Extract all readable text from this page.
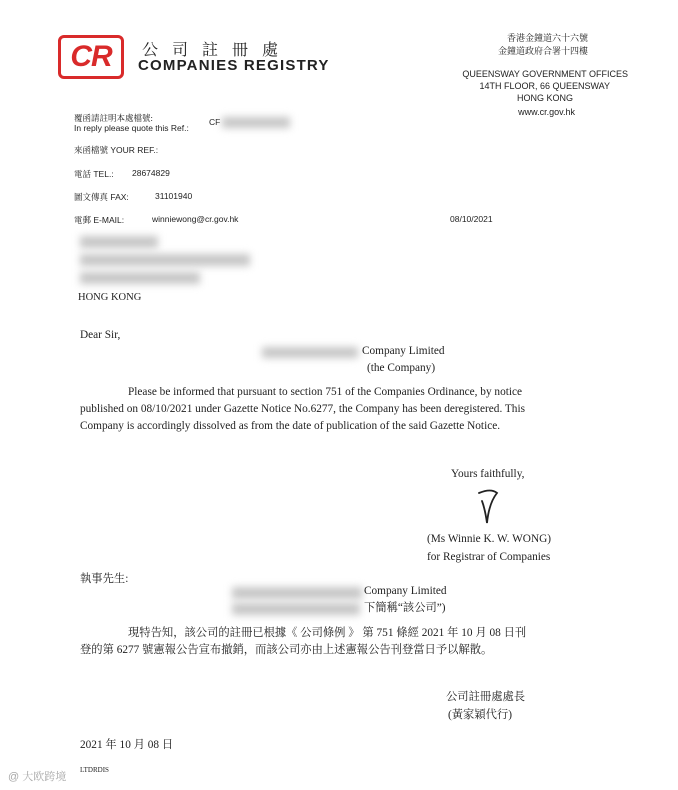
CR 公司註冊處
COMPANIES REGISTRY
香港金鐘道六十六號
金鐘道政府合署十四樓
QUEENSWAY GOVERNMENT OFFICES
14TH FLOOR, 66 QUEENSWAY
HONG KONG
www.cr.gov.hk
覆函請註明本處檔號:
In reply please quote this Ref.:
CF
來函檔號 YOUR REF.:
電話 TEL.: 28674829
圖文傳真 FAX:	31101940
電郵 E-MAIL:	winniewong@cr.gov.hk	08/10/2021
HONG KONG
Dear Sir,
Company Limited
(the Company)
Please be informed that pursuant to section 751 of the Companies Ordinance, by notice
published on 08/10/2021 under Gazette Notice No.6277, the Company has been deregistered. This
Company is accordingly dissolved as from the date of publication of the said Gazette Notice.
Yours faithfully,
(Ms Winnie K. W. WONG)
for Registrar of Companies
執事先生:
Company Limited
下簡稱“該公司”)
現特告知，該公司的註冊已根據《 公司條例 》 第 751 條經 2021 年 10 月 08 日刊
登的第 6277 號憲報公告宣布撤銷，而該公司亦由上述憲報公告刊登當日予以解散。
公司註冊處處長
(黃家穎代行)
2021 年 10 月 08 日
LTDRDIS
@ 大欧跨境
